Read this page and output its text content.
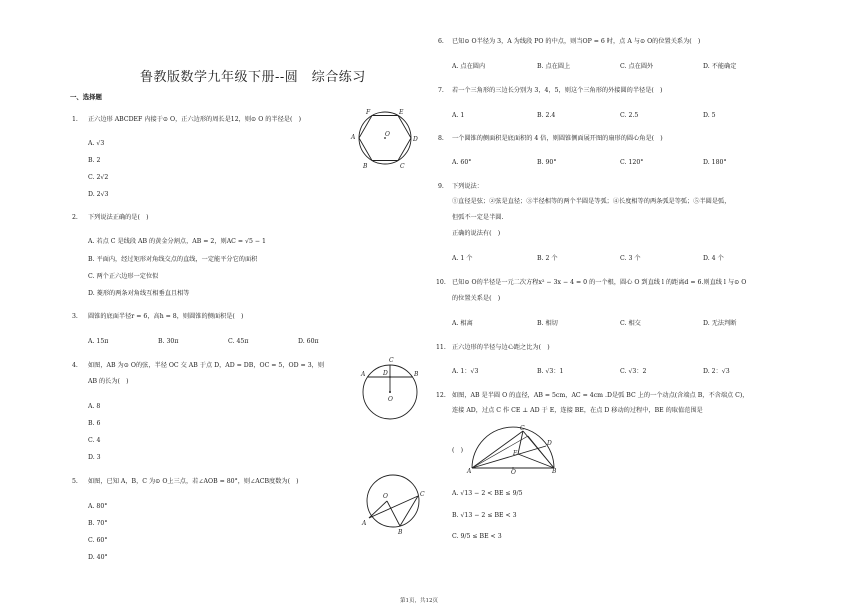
鲁教版数学九年级下册--圆　综合练习
一、选择题
1. 正六边形 ABCDEF 内接于⊙ O，正六边形的周长是12，则⊙ O 的半径是(　)
A. √3
B. 2
C. 2√2
D. 2√3
2. 下列说法正确的是(　)
A. 若点 C 是线段 AB 的黄金分割点，AB = 2，则AC = √5 − 1
B. 平面内，经过矩形对角线交点的直线，一定能平分它的面积
C. 两个正六边形一定位似
D. 菱形的两条对角线互相垂直且相等
3. 圆锥的底面半径r = 6，高h = 8，则圆锥的侧面积是(　)
A. 15π	B. 30π	C. 45π	D. 60π
4. 如图，AB 为⊙ O的弦，半径 OC 交 AB 于点 D，AD = DB，OC = 5，OD = 3，则
AB 的长为(　)
A. 8
B. 6
C. 4
D. 3
5. 如图，已知 A，B，C 为⊙ O上三点，若∠AOB = 80°，则∠ACB度数为(　)
A. 80°
B. 70°
C. 60°
D. 40°
6. 已知⊙ O半径为 3，A 为线段 PO 的中点，则当OP = 6 时，点 A 与⊙ O的位置关系为(　)
A. 点在圆内	B. 点在圆上	C. 点在圆外	D. 不能确定
7. 若一个三角形的三边长分别为 3，4，5，则这个三角形的外接圆的半径是(　)
A. 1	B. 2.4	C. 2.5	D. 5
8. 一个圆锥的侧面积是底面积的 4 倍，则圆锥侧面展开图的扇形的圆心角是(　)
A. 60°	B. 90°	C. 120°	D. 180°
9. 下列说法：
①直径是弦；②弦是直径；③半径相等的两个半圆是等弧；④长度相等的两条弧是等弧；⑤半圆是弧，
但弧不一定是半圆.
正确的说法有(　)
A. 1 个	B. 2 个	C. 3 个	D. 4 个
10. 已知⊙ O的半径是一元二次方程x² − 3x − 4 = 0 的一个根，圆心 O 到直线 l 的距离d = 6.则直线 l 与⊙ O
的位置关系是(　)
A. 相离	B. 相切	C. 相交	D. 无法判断
11. 正六边形的半径与边心距之比为(　)
A. 1：√3	B. √3：1	C. √3：2	D. 2：√3
12. 如图，AB 是半圆 O 的直径，AB = 5cm，AC = 4cm .D是弧 BC 上的一个动点(含端点 B，不含端点 C)，
连接 AD，过点 C 作 CE ⊥ AD 于 E，连接 BE，在点 D 移动的过程中，BE 的取值范围是
(　)
A. √13 − 2 < BE ≤ 9/5
B. √13 − 2 ≤ BE < 3
C. 9/5 ≤ BE < 3
F	E
A	D
B	C
O
A
C
D	B
O
A
B
C
O
A	B
C
D
E
O
第1页，共12页
